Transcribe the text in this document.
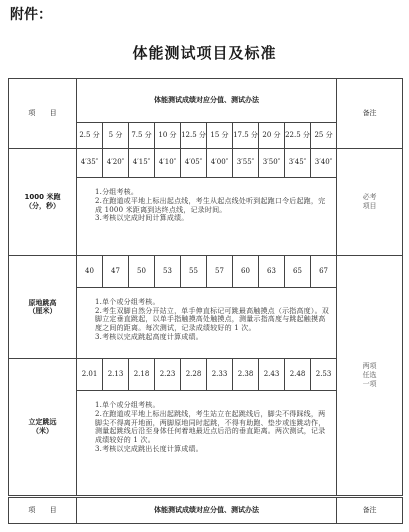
附件：
体能测试项目及标准
项 目	体能测试成绩对应分值、测试办法										备注
	2.5 分	5 分	7.5 分	10 分	12.5 分	15 分	17.5 分	20 分	22.5 分	25 分	

1000 米跑
（分，秒）	4′35″	4′20″	4′15″	4′10″	4′05″	4′00″	3′55″	3′50″	3′45″	3′40″	必考项目

	1.分组考核。
2.在跑道或平地上标出起点线，考生从起点线处听到起跑口令后起跑，完成 1000 米距离到达终点线，记录时间。
3.考核以完成时间计算成绩。										

原地跳高
（厘米）	40	47	50	53	55	57	60	63	65	67	两项任选一项

	1.单个或分组考核。
2.考生双脚自然分开站立，单手伸直标记可跳最高触摸点（示指高度）。双脚立定垂直跳起，以单手指触摸高处触摸点，测量示指高度与跳起触摸高度之间的距离。每次测试，记录成绩较好的 1 次。
3.考核以完成跳起高度计算成绩。										

立定跳远
（米）	2.01	2.13	2.18	2.23	2.28	2.33	2.38	2.43	2.48	2.53	

	1.单个或分组考核。
2.在跑道或平地上标出起跳线，考生站立在起跳线后，脚尖不得踩线，两脚尖不得离开地面，两脚原地同时起跳，不得有助跑、垫步或连跳动作，测量起跳线后沿至身体任何着地最近点后沿的垂直距离。两次测试，记录成绩较好的 1 次。
3.考核以完成跳出长度计算成绩。										

项 目	体能测试成绩对应分值、测试办法										备注
